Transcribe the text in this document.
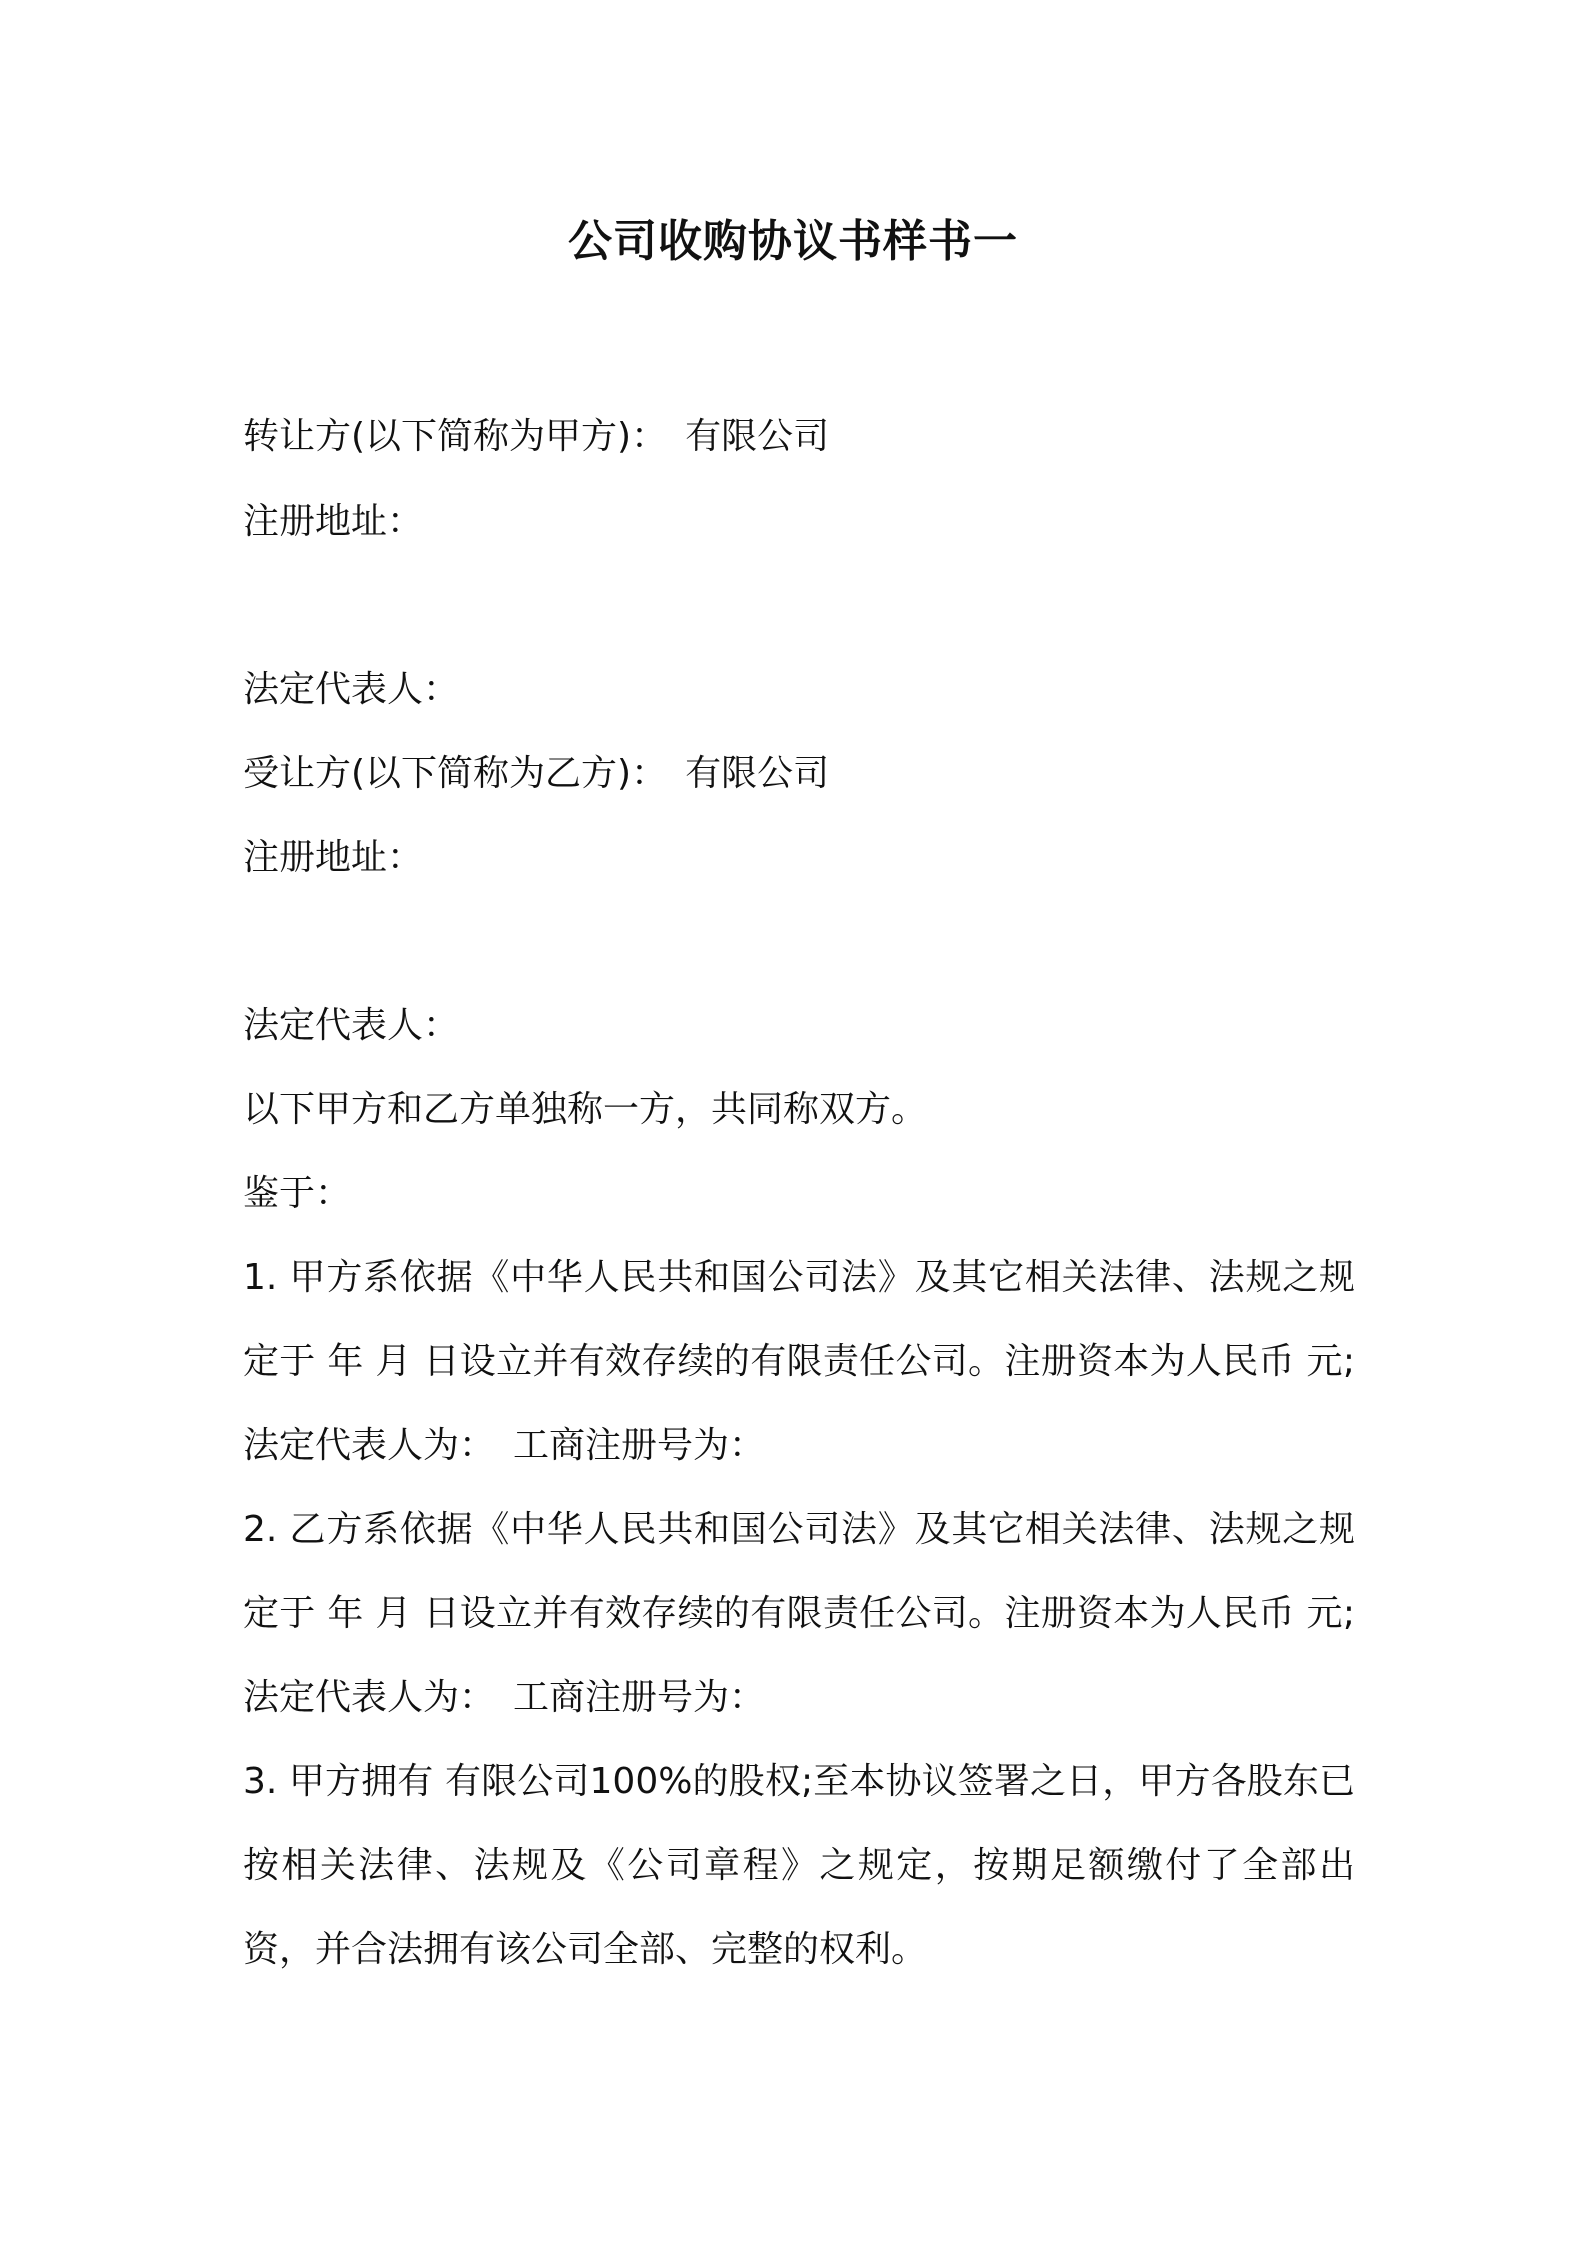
公司收购协议书样书一
转让方(以下简称为甲方)：　有限公司
注册地址：
法定代表人：
受让方(以下简称为乙方)：　有限公司
注册地址：
法定代表人：
以下甲方和乙方单独称一方，共同称双方。
鉴于：
1. 甲方系依据《中华人民共和国公司法》及其它相关法律、法规之规定于 年 月 日设立并有效存续的有限责任公司。注册资本为人民币 元;法定代表人为：　工商注册号为：
2. 乙方系依据《中华人民共和国公司法》及其它相关法律、法规之规定于 年 月 日设立并有效存续的有限责任公司。注册资本为人民币 元;法定代表人为：　工商注册号为：
3. 甲方拥有 有限公司100%的股权;至本协议签署之日，甲方各股东已按相关法律、法规及《公司章程》之规定，按期足额缴付了全部出资，并合法拥有该公司全部、完整的权利。
